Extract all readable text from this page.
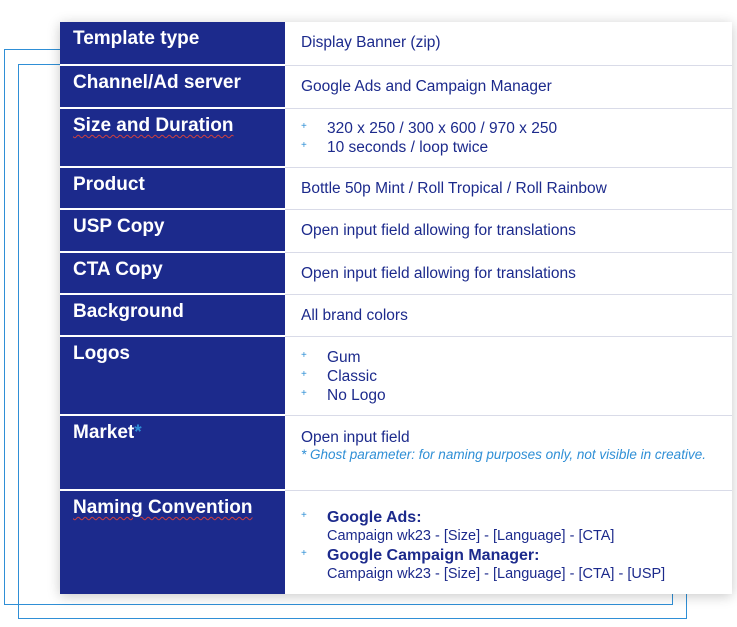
Template type	Display Banner (zip)
Channel/Ad server	Google Ads and Campaign Manager
Size and Duration	+ 320 x 250 / 300 x 600 / 970 x 250
+ 10 seconds / loop twice
Product	Bottle 50p Mint / Roll Tropical / Roll Rainbow
USP Copy	Open input field allowing for translations
CTA Copy	Open input field allowing for translations
Background	All brand colors
Logos	+ Gum
+ Classic
+ No Logo
Market*	Open input field
* Ghost parameter: for naming purposes only, not visible in creative.
Naming Convention	+ Google Ads:
Campaign wk23 - [Size] - [Language] - [CTA]
+ Google Campaign Manager:
Campaign wk23 - [Size] - [Language] - [CTA] - [USP]
